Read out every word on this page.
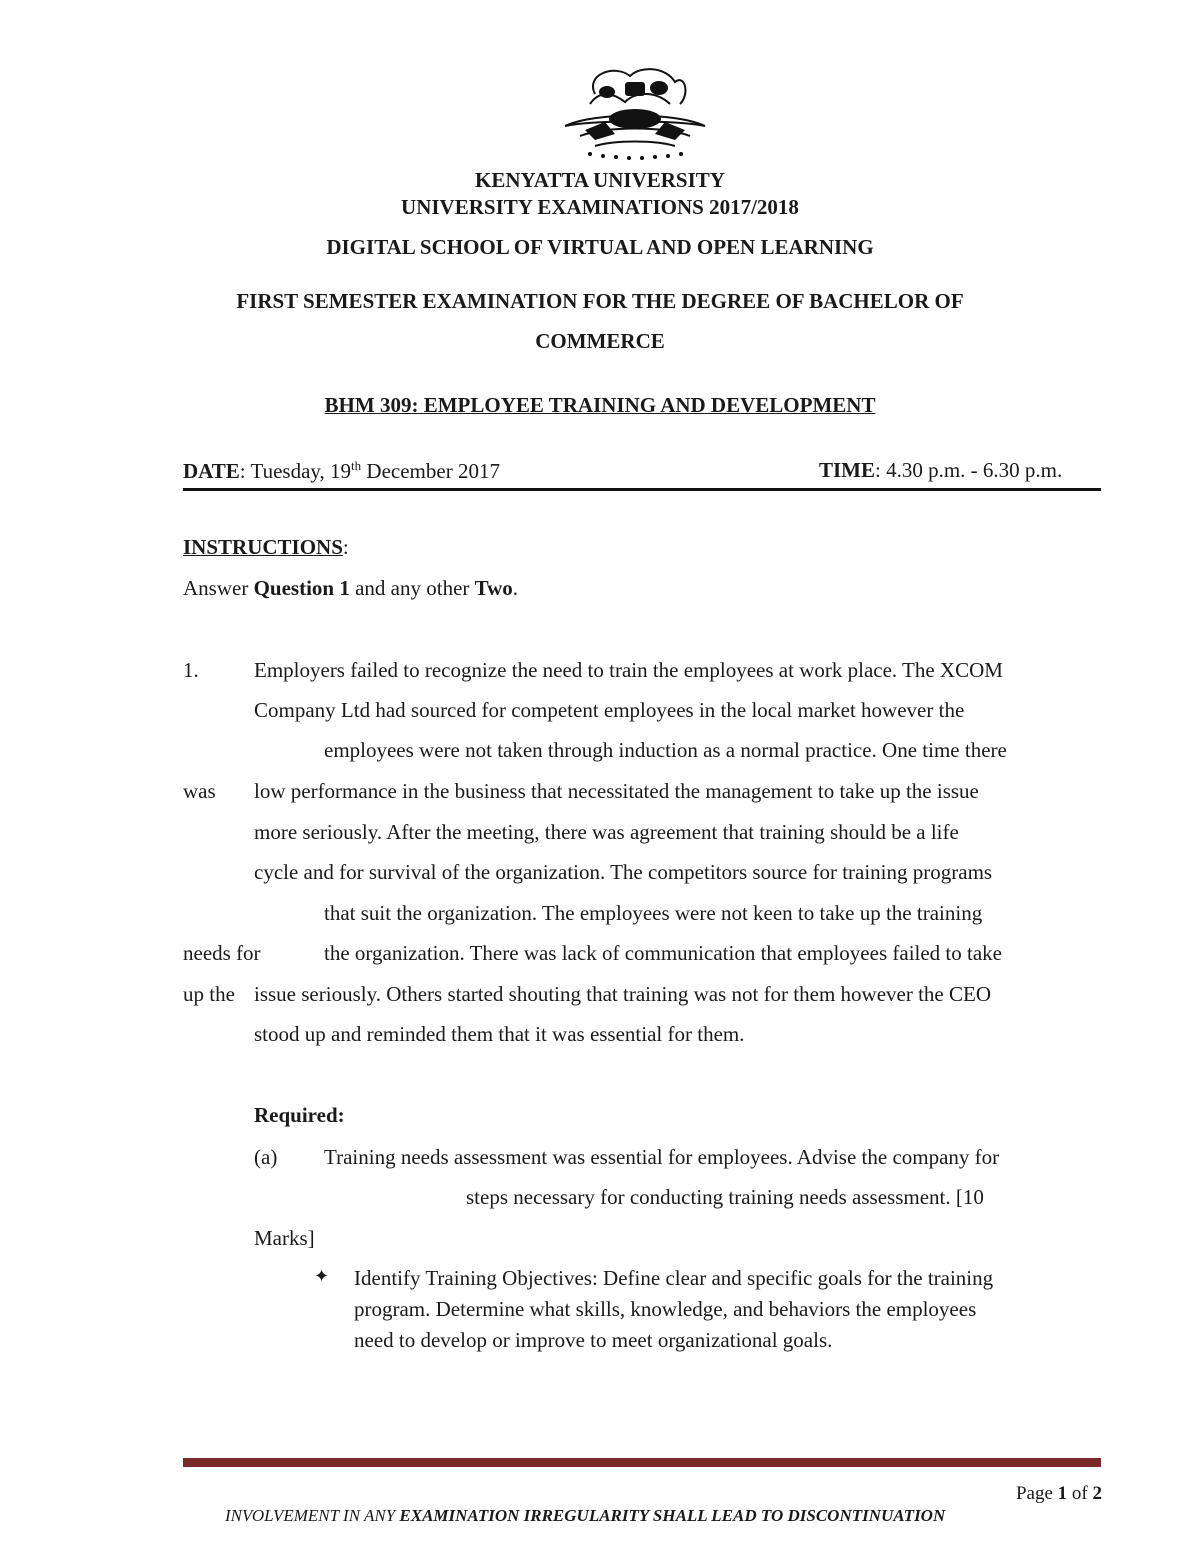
KENYATTA UNIVERSITY
UNIVERSITY EXAMINATIONS 2017/2018
DIGITAL SCHOOL OF VIRTUAL AND OPEN LEARNING
FIRST SEMESTER EXAMINATION FOR THE DEGREE OF BACHELOR OF
COMMERCE
BHM 309: EMPLOYEE TRAINING AND DEVELOPMENT
DATE: Tuesday, 19th December 2017	TIME: 4.30 p.m. - 6.30 p.m.
INSTRUCTIONS:
Answer Question 1 and any other Two.
1.	Employers failed to recognize the need to train the employees at work place. The XCOM
Company Ltd had sourced for competent employees in the local market however the
employees were not taken through induction as a normal practice. One time there
was low performance in the business that necessitated the management to take up the issue
more seriously. After the meeting, there was agreement that training should be a life
cycle and for survival of the organization. The competitors source for training programs
that suit the organization. The employees were not keen to take up the training
needs for	the organization. There was lack of communication that employees failed to take
up the issue seriously. Others started shouting that training was not for them however the CEO
stood up and reminded them that it was essential for them.
Required:
(a) Training needs assessment was essential for employees. Advise the company for
steps necessary for conducting training needs assessment. [10
Marks]
✦ Identify Training Objectives: Define clear and specific goals for the training
program. Determine what skills, knowledge, and behaviors the employees
need to develop or improve to meet organizational goals.
Page 1 of 2
INVOLVEMENT IN ANY EXAMINATION IRREGULARITY SHALL LEAD TO DISCONTINUATION
